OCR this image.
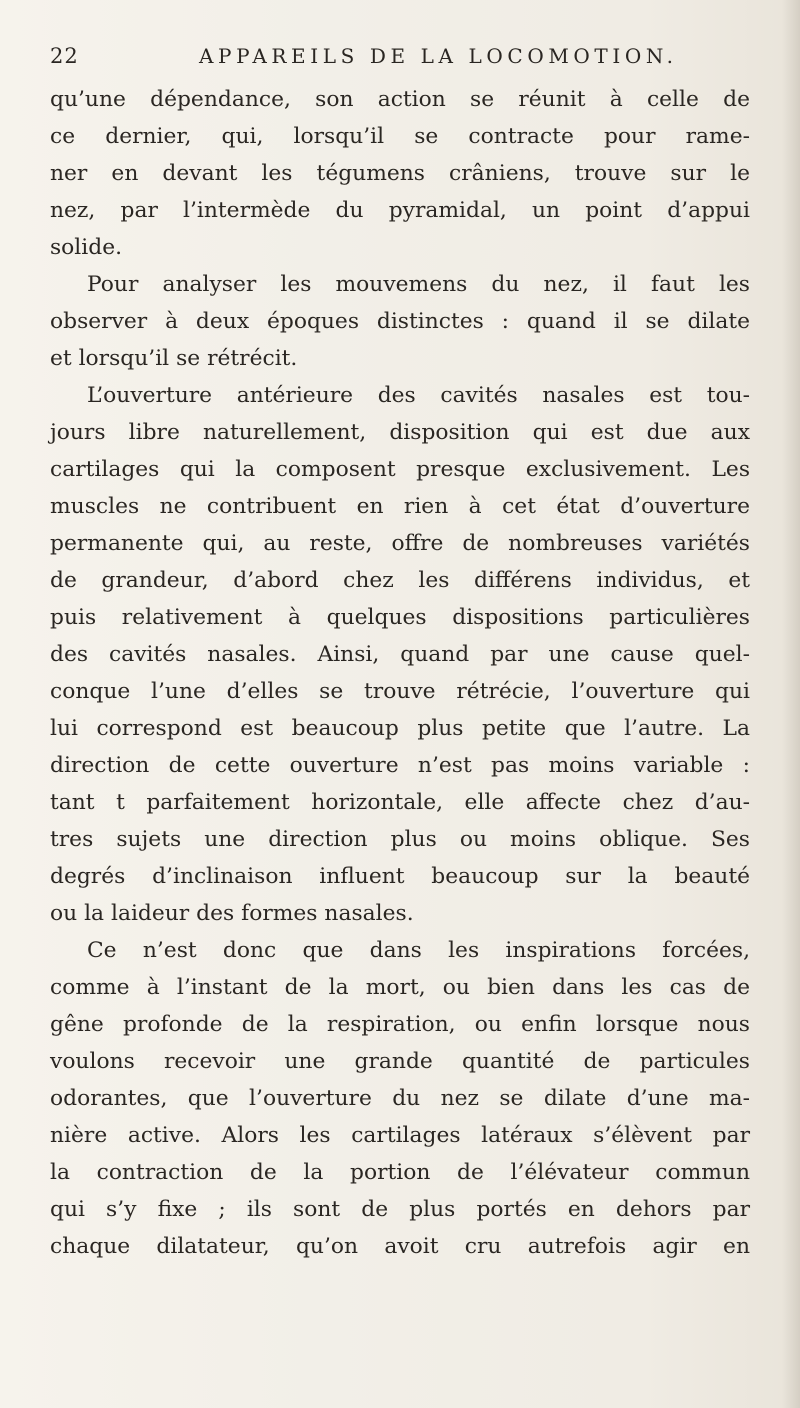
22	APPAREILS DE LA LOCOMOTION.
qu’une dépendance, son action se réunit à celle de
ce dernier, qui, lorsqu’il se contracte pour rame-
ner en devant les tégumens crâniens, trouve sur le
nez, par l’intermède du pyramidal, un point d’appui
solide.
Pour analyser les mouvemens du nez, il faut les
observer à deux époques distinctes : quand il se dilate
et lorsqu’il se rétrécit.
L’ouverture antérieure des cavités nasales est tou-
jours libre naturellement, disposition qui est due aux
cartilages qui la composent presque exclusivement. Les
muscles ne contribuent en rien à cet état d’ouverture
permanente qui, au reste, offre de nombreuses variétés
de grandeur, d’abord chez les différens individus, et
puis relativement à quelques dispositions particulières
des cavités nasales. Ainsi, quand par une cause quel-
conque l’une d’elles se trouve rétrécie, l’ouverture qui
lui correspond est beaucoup plus petite que l’autre. La
direction de cette ouverture n’est pas moins variable :
tant t parfaitement horizontale, elle affecte chez d’au-
tres sujets une direction plus ou moins oblique. Ses
degrés d’inclinaison influent beaucoup sur la beauté
ou la laideur des formes nasales.
Ce n’est donc que dans les inspirations forcées,
comme à l’instant de la mort, ou bien dans les cas de
gêne profonde de la respiration, ou enfin lorsque nous
voulons recevoir une grande quantité de particules
odorantes, que l’ouverture du nez se dilate d’une ma-
nière active. Alors les cartilages latéraux s’élèvent par
la contraction de la portion de l’élévateur commun
qui s’y fixe ; ils sont de plus portés en dehors par
chaque dilatateur, qu’on avoit cru autrefois agir en
